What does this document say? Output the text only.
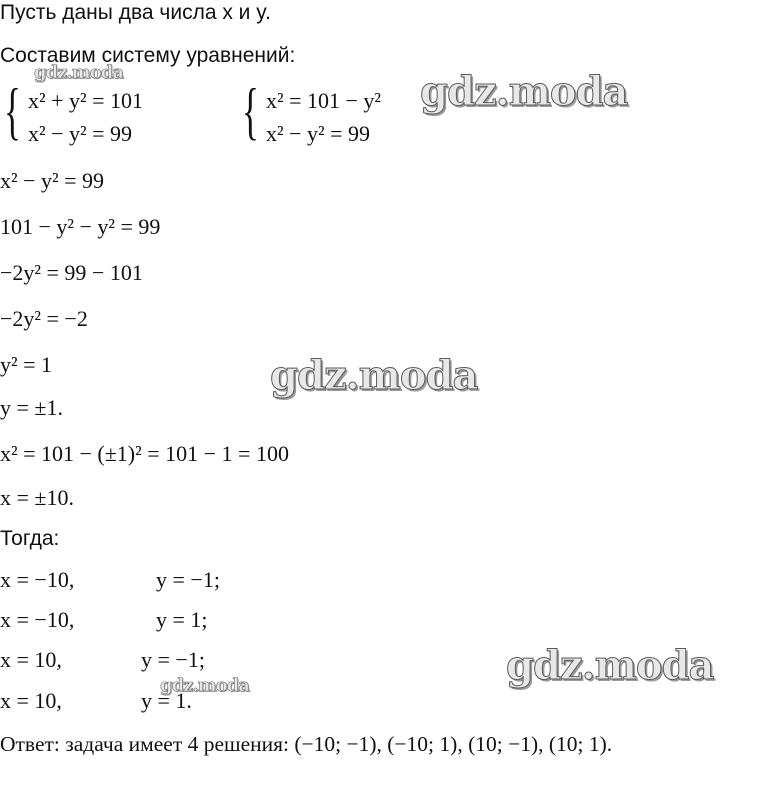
Пусть даны два числа x и y.
Составим систему уравнений:
{ x² + y² = 101
x² − y² = 99 { x² = 101 − y²
x² − y² = 99
x² − y² = 99
101 − y² − y² = 99
−2y² = 99 − 101
−2y² = −2
y² = 1
y = ±1.
x² = 101 − (±1)² = 101 − 1 = 100
x = ±10.
Тогда:
x = −10,	y = −1;
x = −10,	y = 1;
x = 10,	y = −1;
x = 10,	y = 1.
Ответ: задача имеет 4 решения: (−10; −1), (−10; 1), (10; −1), (10; 1).
gdz.moda	gdz.moda
gdz.moda
gdz.moda
gdz.moda
